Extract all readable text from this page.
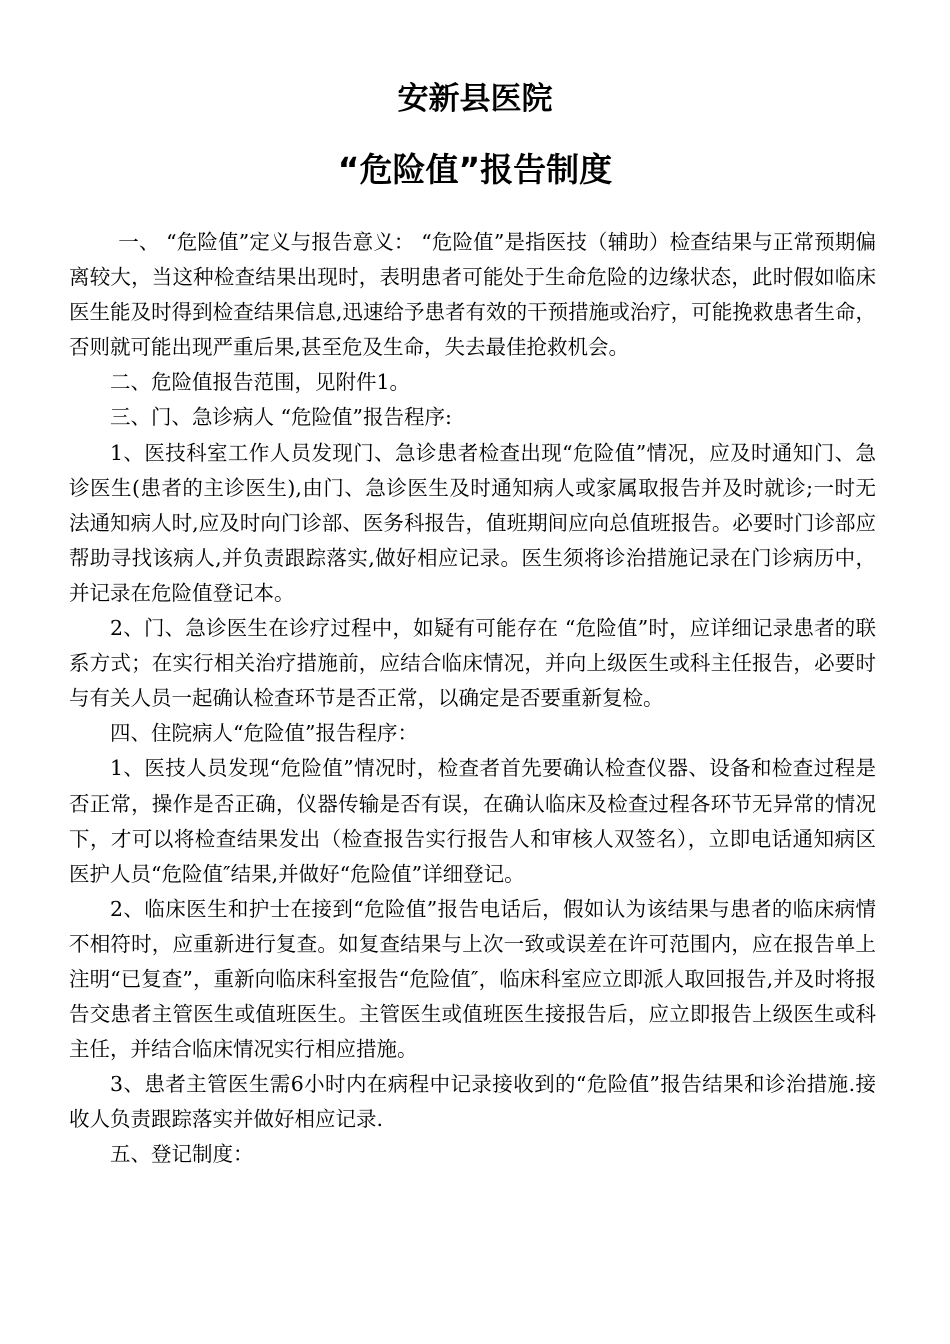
安新县医院
“危险值”报告制度

一、 “危险值”定义与报告意义： “危险值”是指医技（辅助）检查结果与正常预期偏离较大，当这种检查结果出现时，表明患者可能处于生命危险的边缘状态，此时假如临床医生能及时得到检查结果信息,迅速给予患者有效的干预措施或治疗，可能挽救患者生命，否则就可能出现严重后果,甚至危及生命，失去最佳抢救机会。

二、危险值报告范围，见附件1。

三、门、急诊病人 “危险值”报告程序:

1、医技科室工作人员发现门、急诊患者检查出现“危险值”情况，应及时通知门、急诊医生(患者的主诊医生),由门、急诊医生及时通知病人或家属取报告并及时就诊;一时无法通知病人时,应及时向门诊部、医务科报告，值班期间应向总值班报告。必要时门诊部应帮助寻找该病人,并负责跟踪落实,做好相应记录。医生须将诊治措施记录在门诊病历中，并记录在危险值登记本。

2、门、急诊医生在诊疗过程中，如疑有可能存在 “危险值”时，应详细记录患者的联系方式；在实行相关治疗措施前，应结合临床情况，并向上级医生或科主任报告，必要时与有关人员一起确认检查环节是否正常，以确定是否要重新复检。

四、住院病人“危险值”报告程序：

1、医技人员发现“危险值”情况时，检查者首先要确认检查仪器、设备和检查过程是否正常，操作是否正确，仪器传输是否有误，在确认临床及检查过程各环节无异常的情况下，才可以将检查结果发出（检查报告实行报告人和审核人双签名），立即电话通知病区医护人员“危险值″结果,并做好“危险值”详细登记。

2、临床医生和护士在接到“危险值”报告电话后，假如认为该结果与患者的临床病情不相符时，应重新进行复查。如复查结果与上次一致或误差在许可范围内，应在报告单上注明“已复查”，重新向临床科室报告“危险值″，临床科室应立即派人取回报告,并及时将报告交患者主管医生或值班医生。主管医生或值班医生接报告后，应立即报告上级医生或科主任，并结合临床情况实行相应措施。

3、患者主管医生需6小时内在病程中记录接收到的“危险值”报告结果和诊治措施.接收人负责跟踪落实并做好相应记录.

五、登记制度：
